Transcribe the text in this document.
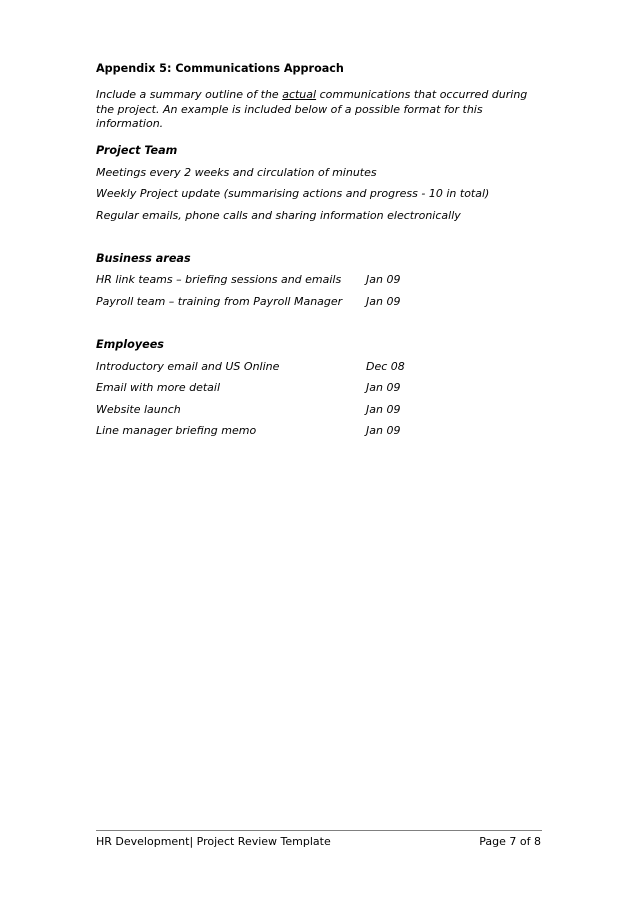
Appendix 5: Communications Approach
Include a summary outline of the actual communications that occurred during the project. An example is included below of a possible format for this information.
Project Team
Meetings every 2 weeks and circulation of minutes
Weekly Project update (summarising actions and progress - 10 in total)
Regular emails, phone calls and sharing information electronically
Business areas
HR link teams – briefing sessions and emails Jan 09
Payroll team – training from Payroll Manager Jan 09
Employees
Introductory email and US Online	Dec 08
Email with more detail	Jan 09
Website launch	Jan 09
Line manager briefing memo	Jan 09
HR Development| Project Review Template	Page 7 of 8
